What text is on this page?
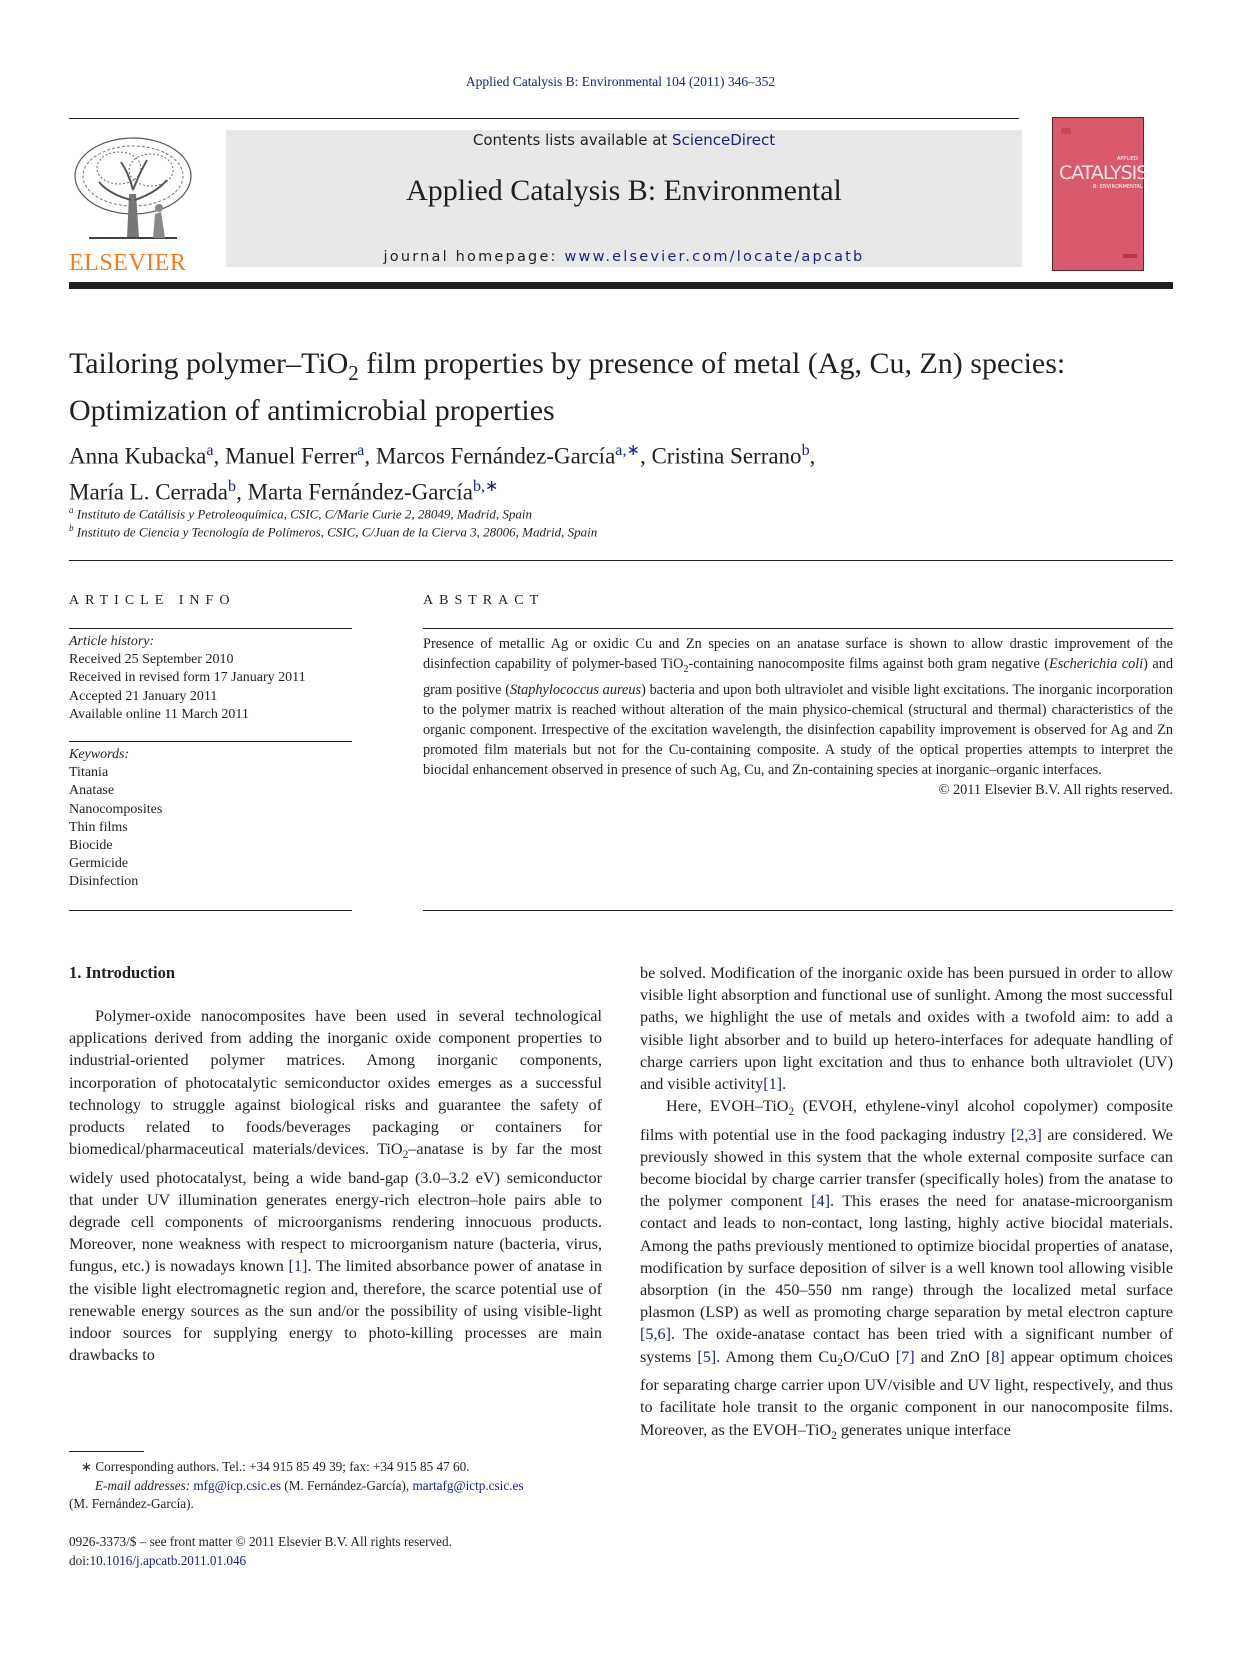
Applied Catalysis B: Environmental 104 (2011) 346–352
ELSEVIER
Contents lists available at ScienceDirect
Applied Catalysis B: Environmental
journal homepage: www.elsevier.com/locate/apcatb
APPLIED
CATALYSIS
B: ENVIRONMENTAL
Tailoring polymer–TiO$_2$ film properties by presence of metal (Ag, Cu, Zn) species:
Optimization of antimicrobial properties
Anna Kubacka$^a$, Manuel Ferrer$^a$, Marcos Fernández-García$^{a,∗}$, Cristina Serrano$^b$,
María L. Cerrada$^b$, Marta Fernández-García$^{b,∗}$
$^a$ Instituto de Catálisis y Petroleoquímica, CSIC, C/Marie Curie 2, 28049, Madrid, Spain
$^b$ Instituto de Ciencia y Tecnología de Polímeros, CSIC, C/Juan de la Cierva 3, 28006, Madrid, Spain
ARTICLE INFO
Article history:
Received 25 September 2010
Received in revised form 17 January 2011
Accepted 21 January 2011
Available online 11 March 2011
Keywords:
Titania
Anatase
Nanocomposites
Thin films
Biocide
Germicide
Disinfection
ABSTRACT
Presence of metallic Ag or oxidic Cu and Zn species on an anatase surface is shown to allow drastic improvement of the disinfection capability of polymer-based TiO$_2$-containing nanocomposite films against both gram negative (Escherichia coli) and gram positive (Staphylococcus aureus) bacteria and upon both ultraviolet and visible light excitations. The inorganic incorporation to the polymer matrix is reached without alteration of the main physico-chemical (structural and thermal) characteristics of the organic component. Irrespective of the excitation wavelength, the disinfection capability improvement is observed for Ag and Zn promoted film materials but not for the Cu-containing composite. A study of the optical properties attempts to interpret the biocidal enhancement observed in presence of such Ag, Cu, and Zn-containing species at inorganic–organic interfaces.
© 2011 Elsevier B.V. All rights reserved.
1. Introduction

Polymer-oxide nanocomposites have been used in several technological applications derived from adding the inorganic oxide component properties to industrial-oriented polymer matrices. Among inorganic components, incorporation of photocatalytic semiconductor oxides emerges as a successful technology to struggle against biological risks and guarantee the safety of products related to foods/beverages packaging or containers for biomedical/pharmaceutical materials/devices. TiO$_2$–anatase is by far the most widely used photocatalyst, being a wide band-gap (3.0–3.2 eV) semiconductor that under UV illumination generates energy-rich electron–hole pairs able to degrade cell components of microorganisms rendering innocuous products. Moreover, none weakness with respect to microorganism nature (bacteria, virus, fungus, etc.) is nowadays known [1]. The limited absorbance power of anatase in the visible light electromagnetic region and, therefore, the scarce potential use of renewable energy sources as the sun and/or the possibility of using visible-light indoor sources for supplying energy to photo-killing processes are main drawbacks to

be solved. Modification of the inorganic oxide has been pursued in order to allow visible light absorption and functional use of sunlight. Among the most successful paths, we highlight the use of metals and oxides with a twofold aim: to add a visible light absorber and to build up hetero-interfaces for adequate handling of charge carriers upon light excitation and thus to enhance both ultraviolet (UV) and visible activity[1].

Here, EVOH–TiO$_2$ (EVOH, ethylene-vinyl alcohol copolymer) composite films with potential use in the food packaging industry [2,3] are considered. We previously showed in this system that the whole external composite surface can become biocidal by charge carrier transfer (specifically holes) from the anatase to the polymer component [4]. This erases the need for anatase-microorganism contact and leads to non-contact, long lasting, highly active biocidal materials. Among the paths previously mentioned to optimize biocidal properties of anatase, modification by surface deposition of silver is a well known tool allowing visible absorption (in the 450–550 nm range) through the localized metal surface plasmon (LSP) as well as promoting charge separation by metal electron capture [5,6]. The oxide-anatase contact has been tried with a significant number of systems [5]. Among them $Cu_2O$/CuO [7] and ZnO [8] appear optimum choices for separating charge carrier upon UV/visible and UV light, respectively, and thus to facilitate hole transit to the organic component in our nanocomposite films. Moreover, as the EVOH–TiO$_2$ generates unique interface

∗ Corresponding authors. Tel.: +34 915 85 49 39; fax: +34 915 85 47 60.
E-mail addresses: mfg@icp.csic.es (M. Fernández-García), martafg@ictp.csic.es
(M. Fernández-García).
0926-3373/$ – see front matter © 2011 Elsevier B.V. All rights reserved.
doi:10.1016/j.apcatb.2011.01.046
